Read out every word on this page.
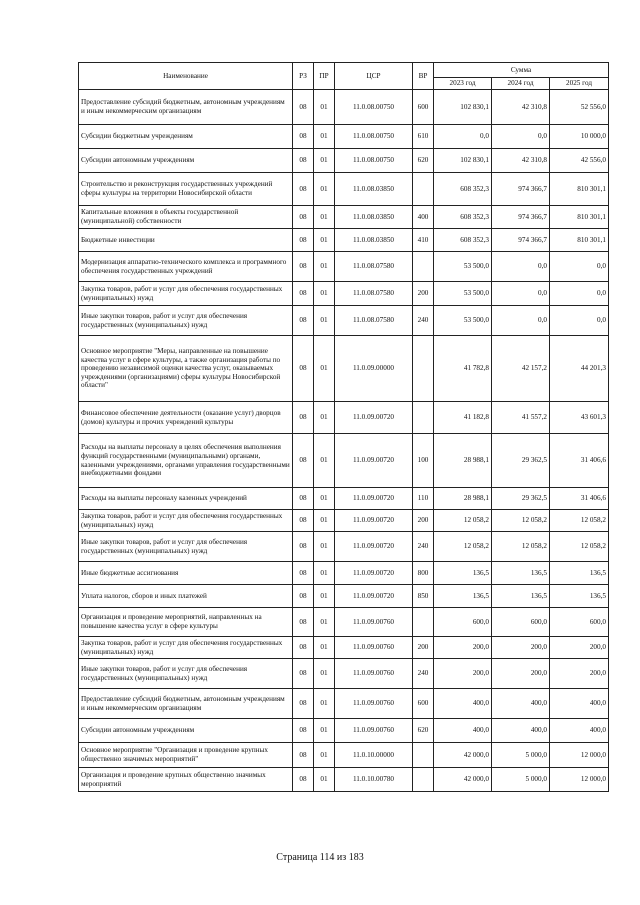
Наименование	РЗ	ПР	ЦСР	ВР	Сумма		
					2023 год	2024 год	2025 год
Предоставление субсидий бюджетным, автономным учреждениям и иным некоммерческим организациям	08	01	11.0.08.00750	600	102 830,1	42 310,8	52 556,0
Субсидии бюджетным учреждениям	08	01	11.0.08.00750	610	0,0	0,0	10 000,0
Субсидии автономным учреждениям	08	01	11.0.08.00750	620	102 830,1	42 310,8	42 556,0
Строительство и реконструкция государственных учреждений сферы культуры на территории Новосибирской области	08	01	11.0.08.03850		608 352,3	974 366,7	810 301,1
Капитальные вложения в объекты государственной (муниципальной) собственности	08	01	11.0.08.03850	400	608 352,3	974 366,7	810 301,1
Бюджетные инвестиции	08	01	11.0.08.03850	410	608 352,3	974 366,7	810 301,1
Модернизация аппаратно-технического комплекса и программного обеспечения государственных учреждений	08	01	11.0.08.07580		53 500,0	0,0	0,0
Закупка товаров, работ и услуг для обеспечения государственных (муниципальных) нужд	08	01	11.0.08.07580	200	53 500,0	0,0	0,0
Иные закупки товаров, работ и услуг для обеспечения государственных (муниципальных) нужд	08	01	11.0.08.07580	240	53 500,0	0,0	0,0
Основное мероприятие "Меры, направленные на повышение качества услуг в сфере культуры, а также организация работы по проведению независимой оценки качества услуг, оказываемых учреждениями (организациями) сферы культуры Новосибирской области"	08	01	11.0.09.00000		41 782,8	42 157,2	44 201,3
Финансовое обеспечение деятельности (оказание услуг) дворцов (домов) культуры и прочих учреждений культуры	08	01	11.0.09.00720		41 182,8	41 557,2	43 601,3
Расходы на выплаты персоналу в целях обеспечения выполнения функций государственными (муниципальными) органами, казенными учреждениями, органами управления государственными внебюджетными фондами	08	01	11.0.09.00720	100	28 988,1	29 362,5	31 406,6
Расходы на выплаты персоналу казенных учреждений	08	01	11.0.09.00720	110	28 988,1	29 362,5	31 406,6
Закупка товаров, работ и услуг для обеспечения государственных (муниципальных) нужд	08	01	11.0.09.00720	200	12 058,2	12 058,2	12 058,2
Иные закупки товаров, работ и услуг для обеспечения государственных (муниципальных) нужд	08	01	11.0.09.00720	240	12 058,2	12 058,2	12 058,2
Иные бюджетные ассигнования	08	01	11.0.09.00720	800	136,5	136,5	136,5
Уплата налогов, сборов и иных платежей	08	01	11.0.09.00720	850	136,5	136,5	136,5
Организация и проведение мероприятий, направленных на повышение качества услуг в сфере культуры	08	01	11.0.09.00760		600,0	600,0	600,0
Закупка товаров, работ и услуг для обеспечения государственных (муниципальных) нужд	08	01	11.0.09.00760	200	200,0	200,0	200,0
Иные закупки товаров, работ и услуг для обеспечения государственных (муниципальных) нужд	08	01	11.0.09.00760	240	200,0	200,0	200,0
Предоставление субсидий бюджетным, автономным учреждениям и иным некоммерческим организациям	08	01	11.0.09.00760	600	400,0	400,0	400,0
Субсидии автономным учреждениям	08	01	11.0.09.00760	620	400,0	400,0	400,0
Основное мероприятие "Организация и проведение крупных общественно значимых мероприятий"	08	01	11.0.10.00000		42 000,0	5 000,0	12 000,0
Организация и проведение крупных общественно значимых мероприятий	08	01	11.0.10.00780		42 000,0	5 000,0	12 000,0
Страница 114 из 183
